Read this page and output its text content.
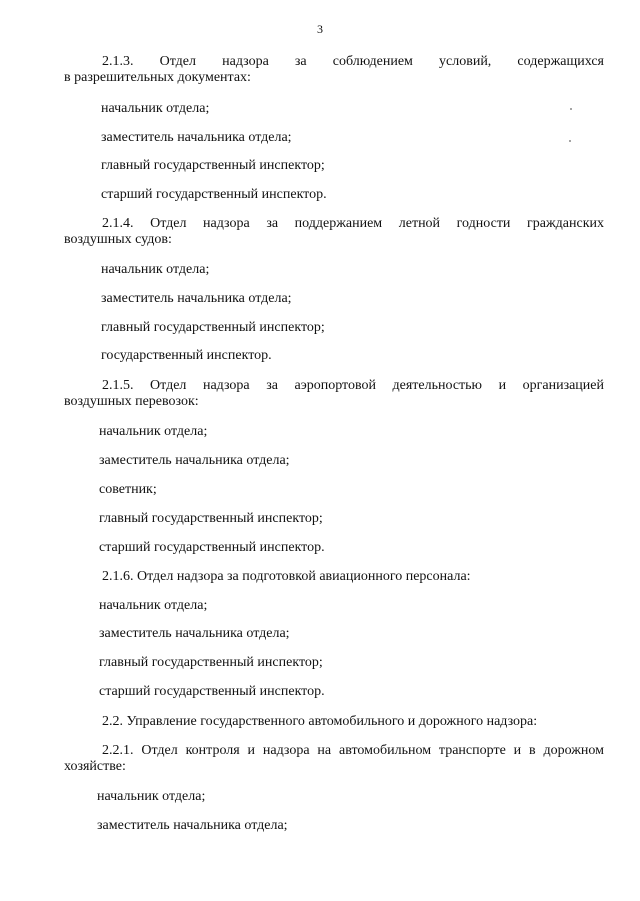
3
2.1.3. Отдел надзора за соблюдением условий, содержащихся
в разрешительных документах:
начальник отдела;
заместитель начальника отдела;
главный государственный инспектор;
старший государственный инспектор.
2.1.4. Отдел надзора за поддержанием летной годности гражданских
воздушных судов:
начальник отдела;
заместитель начальника отдела;
главный государственный инспектор;
государственный инспектор.
2.1.5. Отдел надзора за аэропортовой деятельностью и организацией
воздушных перевозок:
начальник отдела;
заместитель начальника отдела;
советник;
главный государственный инспектор;
старший государственный инспектор.
2.1.6. Отдел надзора за подготовкой авиационного персонала:
начальник отдела;
заместитель начальника отдела;
главный государственный инспектор;
старший государственный инспектор.
2.2. Управление государственного автомобильного и дорожного надзора:
2.2.1. Отдел контроля и надзора на автомобильном транспорте и в дорожном
хозяйстве:
начальник отдела;
заместитель начальника отдела;
